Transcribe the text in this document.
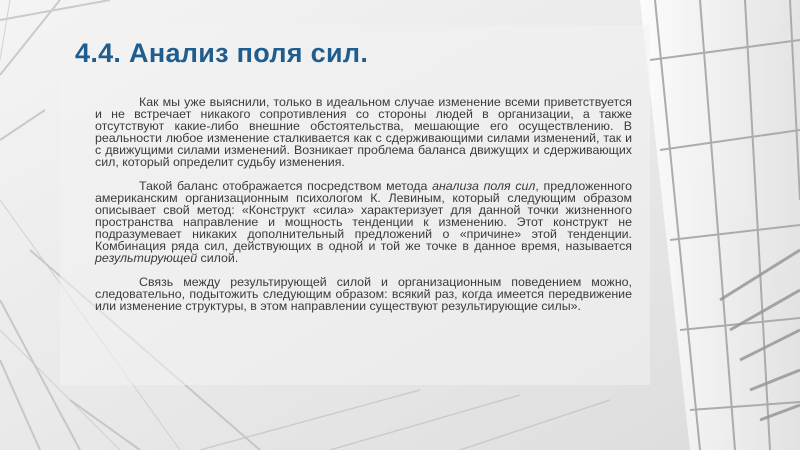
4.4. Анализ поля сил.

Как мы уже выяснили, только в идеальном случае изменение всеми приветствуется и не встречает никакого сопротивления со стороны людей в организации, а также отсутствуют какие-либо внешние обстоятельства, мешающие его осуществлению. В реальности любое изменение сталкивается как с сдерживающими силами изменений, так и с движущими силами изменений. Возникает проблема баланса движущих и сдерживающих сил, который определит судьбу изменения.

Такой баланс отображается посредством метода анализа поля сил, предложенного американским организационным психологом К. Левиным, который следующим образом описывает свой метод: «Конструкт «сила» характеризует для данной точки жизненного пространства направление и мощность тенденции к изменению. Этот конструкт не подразумевает никаких дополнительный предложений о «причине» этой тенденции. Комбинация ряда сил, действующих в одной и той же точке в данное время, называется результирующей силой.

Связь между результирующей силой и организационным поведением можно, следовательно, подытожить следующим образом: всякий раз, когда имеется передвижение или изменение структуры, в этом направлении существуют результирующие силы».
